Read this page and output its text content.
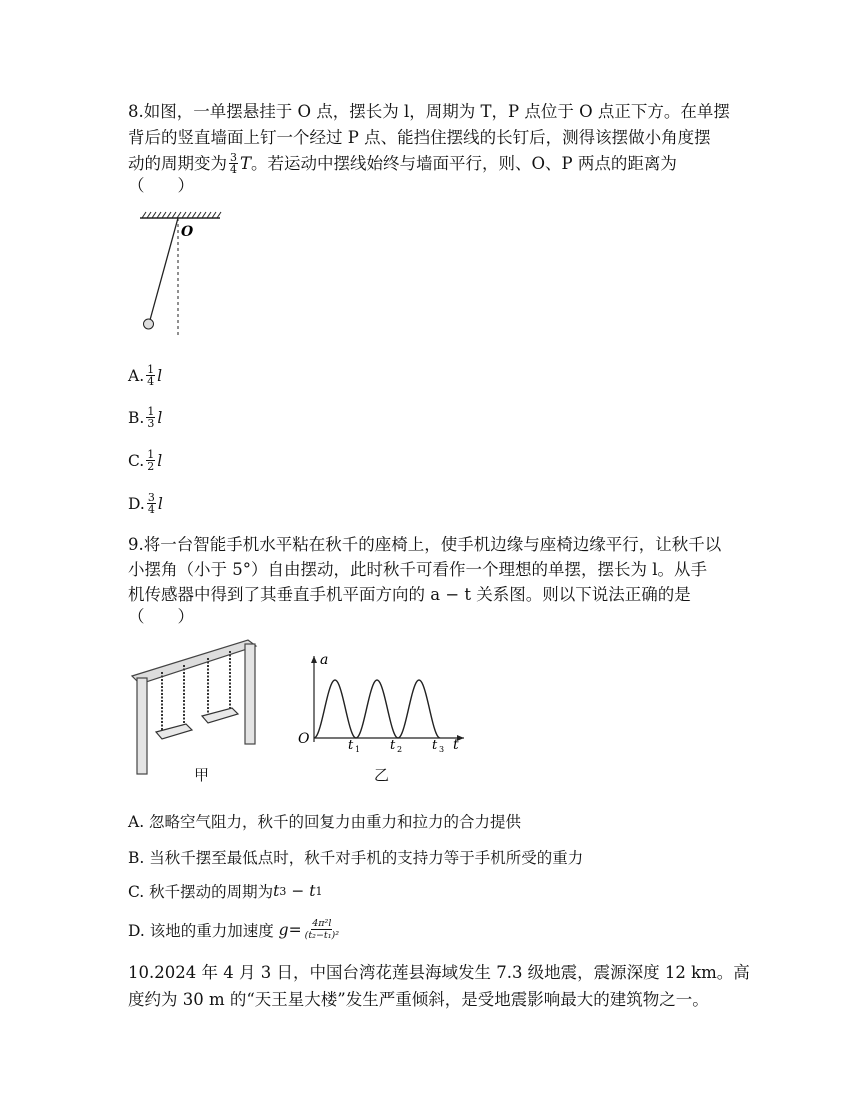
8.如图，一单摆悬挂于 O 点，摆长为 l，周期为 T，P 点位于 O 点正下方。在单摆
背后的竖直墙面上钉一个经过 P 点、能挡住摆线的长钉后，测得该摆做小角度摆
动的周期变为 $\frac{3}{4}$ T 。若运动中摆线始终与墙面平行，则、O、P 两点的距离为
（　　）
O
A. $\frac{1}{4}$ l
B. $\frac{1}{3}$ l
C. $\frac{1}{2}$ l
D. $\frac{3}{4}$ l
9.将一台智能手机水平粘在秋千的座椅上，使手机边缘与座椅边缘平行，让秋千以
小摆角（小于 5°）自由摆动，此时秋千可看作一个理想的单摆，摆长为 l。从手
机传感器中得到了其垂直手机平面方向的 a − t 关系图。则以下说法正确的是
（　　）
甲
a
O	t 1 t 2 t 3 t
乙
A. 忽略空气阻力，秋千的回复力由重力和拉力的合力提供
B. 当秋千摆至最低点时，秋千对手机的支持力等于手机所受的重力
C. 秋千摆动的周期为 t 3 − t 1
D. 该地的重力加速度 $g = \frac{\text{4π²l}}{\text{(t₂−t₁)²}}$
10.2024 年 4 月 3 日，中国台湾花莲县海域发生 7.3 级地震，震源深度 12 km。高
度约为 30 m 的“天王星大楼”发生严重倾斜，是受地震影响最大的建筑物之一。
